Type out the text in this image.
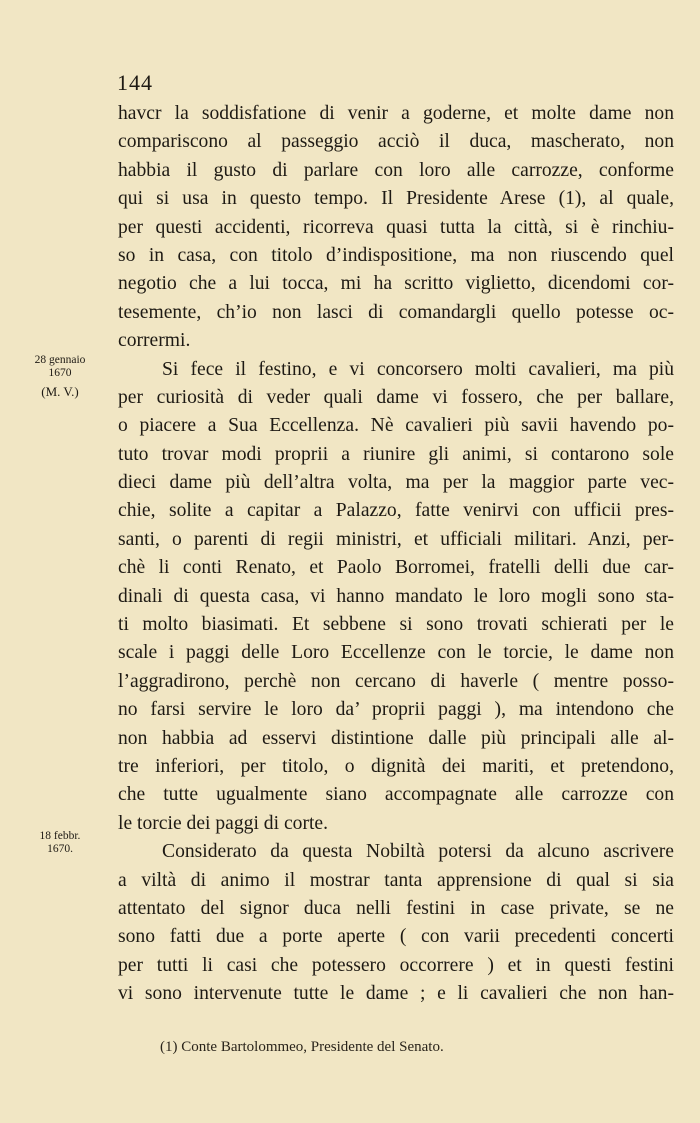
144
havcr la soddisfatione di venir a goderne, et molte dame non
compariscono al passeggio acciò il duca, mascherato, non
habbia il gusto di parlare con loro alle carrozze, conforme
qui si usa in questo tempo. Il Presidente Arese (1), al quale,
per questi accidenti, ricorreva quasi tutta la città, si è rinchiu-
so in casa, con titolo d’indispositione, ma non riuscendo quel
negotio che a lui tocca, mi ha scritto viglietto, dicendomi cor-
tesemente, ch’io non lasci di comandargli quello potesse oc-
corrermi.
Si fece il festino, e vi concorsero molti cavalieri, ma più
per curiosità di veder quali dame vi fossero, che per ballare,
o piacere a Sua Eccellenza. Nè cavalieri più savii havendo po-
tuto trovar modi proprii a riunire gli animi, si contarono sole
dieci dame più dell’altra volta, ma per la maggior parte vec-
chie, solite a capitar a Palazzo, fatte venirvi con ufficii pres-
santi, o parenti di regii ministri, et ufficiali militari. Anzi, per-
chè li conti Renato, et Paolo Borromei, fratelli delli due car-
dinali di questa casa, vi hanno mandato le loro mogli sono sta-
ti molto biasimati. Et sebbene si sono trovati schierati per le
scale i paggi delle Loro Eccellenze con le torcie, le dame non
l’aggradirono, perchè non cercano di haverle ( mentre posso-
no farsi servire le loro da’ proprii paggi ), ma intendono che
non habbia ad esservi distintione dalle più principali alle al-
tre inferiori, per titolo, o dignità dei mariti, et pretendono,
che tutte ugualmente siano accompagnate alle carrozze con
le torcie dei paggi di corte.
Considerato da questa Nobiltà potersi da alcuno ascrivere
a viltà di animo il mostrar tanta apprensione di qual si sia
attentato del signor duca nelli festini in case private, se ne
sono fatti due a porte aperte ( con varii precedenti concerti
per tutti li casi che potessero occorrere ) et in questi festini
vi sono intervenute tutte le dame ; e li cavalieri che non han-
28 gennaio
1670
(M. V.)
18 febbr.
1670.
(1) Conte Bartolommeo, Presidente del Senato.
